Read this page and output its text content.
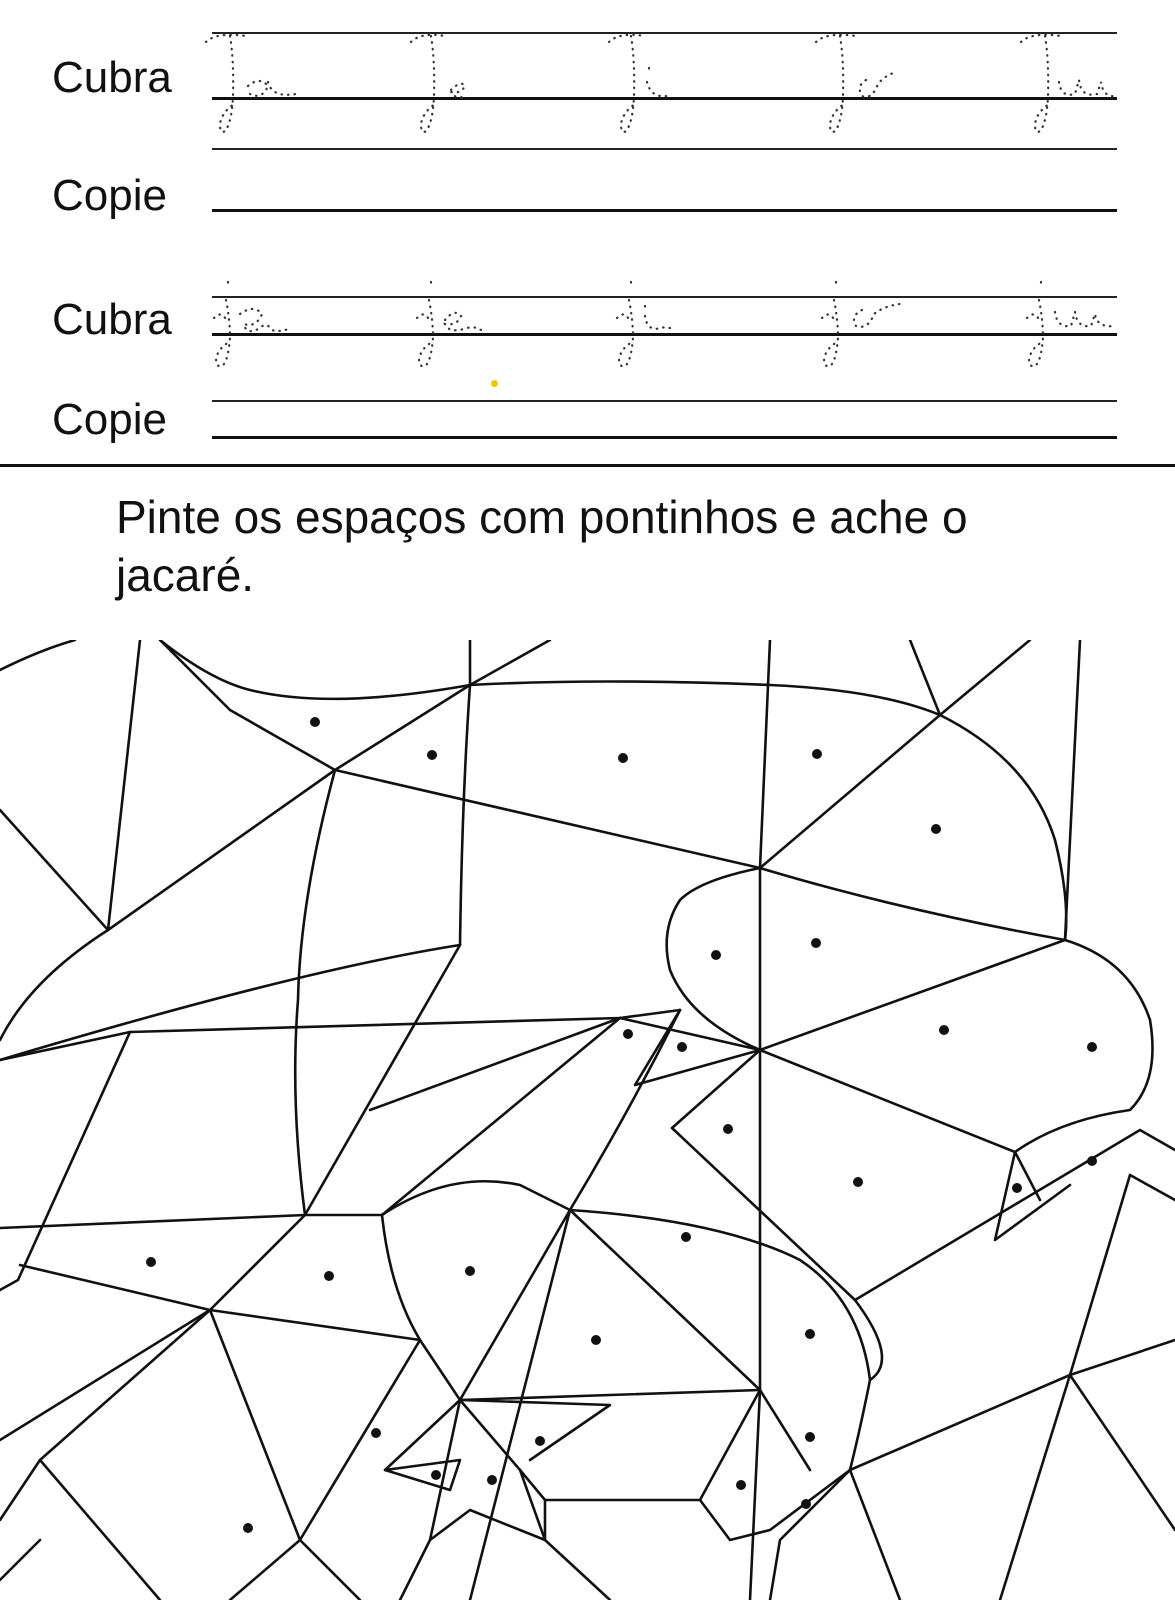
Cubra
Copie
Cubra
Copie
Pinte os espaços com pontinhos e ache o jacaré.
